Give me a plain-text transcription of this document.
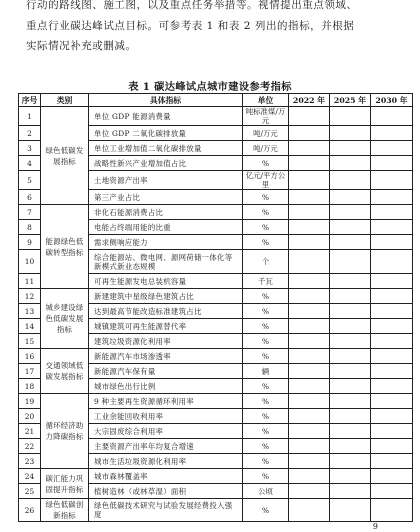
行动的路线图、施工图，以及重点任务举措等。视情提出重点领域、
重点行业碳达峰试点目标。可参考表 1 和表 2 列出的指标，并根据
实际情况补充或删减。
表 1 碳达峰试点城市建设参考指标
序号	类别	具体指标	单位	2022 年	2025 年	2030 年
1	绿色低碳发展指标	单位 GDP 能源消费量	吨标准煤/万元			
2		单位 GDP 二氧化碳排放量	吨/万元			
3		单位工业增加值二氧化碳排放量	吨/万元			
4		战略性新兴产业增加值占比	%			
5		土地资源产出率	亿元/平方公里			
6		第三产业占比	%			
7	能源绿色低碳转型指标	非化石能源消费占比	%			
8		电能占终端用能的比重	%			
9		需求侧响应能力	%			
10		综合能源站、微电网、源网荷储一体化等新模式新业态规模	个			
11		可再生能源发电总装机容量	千瓦			
12	城乡建设绿色低碳发展指标	新建建筑中星级绿色建筑占比	%			
13		达到最高节能改造标准建筑占比	%			
14		城镇建筑可再生能源替代率	%			
15		建筑垃圾资源化利用率	%			
16	交通领域低碳发展指标	新能源汽车市场渗透率	%			
17		新能源汽车保有量	辆			
18		城市绿色出行比例	%			
19	循环经济助力降碳指标	9 种主要再生资源循环利用率	%			
20		工业余能回收利用率	%			
21		大宗固废综合利用率	%			
22		主要资源产出率年均复合增速	%			
23		城市生活垃圾资源化利用率	%			
24	碳汇能力巩固提升指标	城市森林覆盖率	%			
25		植树造林（或林草湿）面积	公顷			
26	绿色低碳创新指标	绿色低碳技术研究与试验发展经费投入强度	%			
9
